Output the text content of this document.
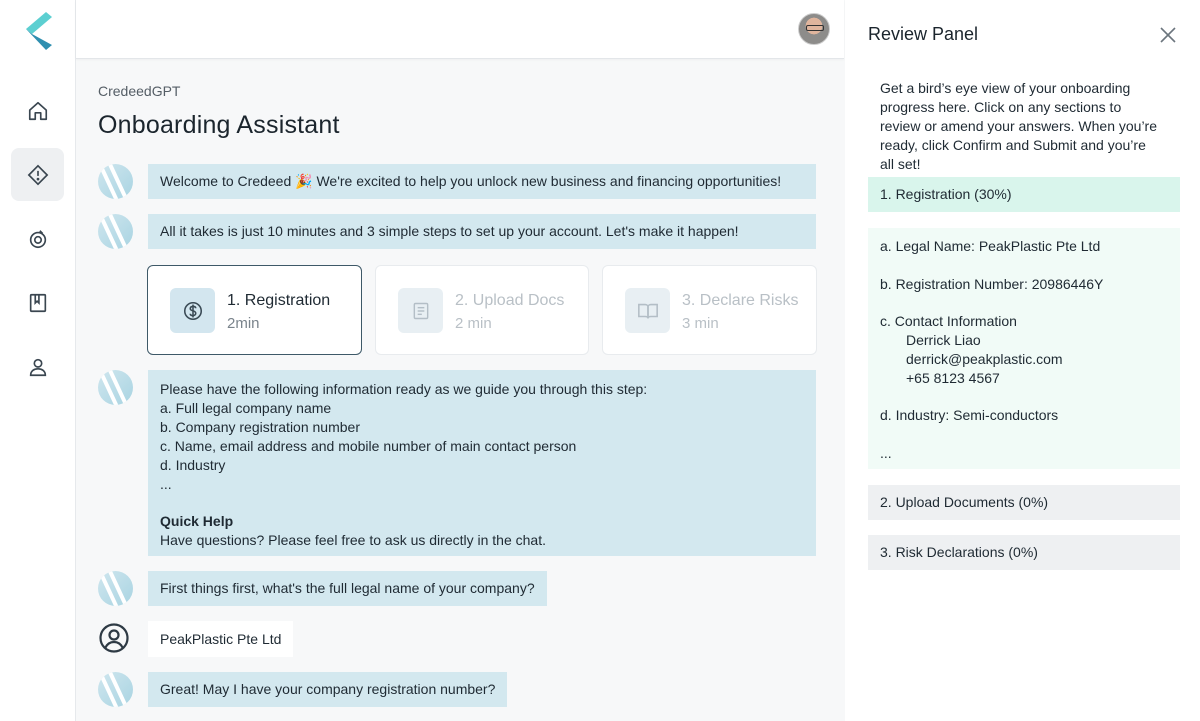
CredeedGPT
Onboarding Assistant
Welcome to Credeed 🎉 We're excited to help you unlock new business and financing opportunities!
All it takes is just 10 minutes and 3 simple steps to set up your account. Let's make it happen!
1. Registration
2min
2. Upload Docs
2 min
3. Declare Risks
3 min
Please have the following information ready as we guide you through this step:
a. Full legal company name
b. Company registration number
c. Name, email address and mobile number of main contact person
d. Industry
...
Quick Help
Have questions? Please feel free to ask us directly in the chat.
First things first, what's the full legal name of your company?
PeakPlastic Pte Ltd
Great! May I have your company registration number?
Review Panel
Get a bird’s eye view of your onboarding progress here. Click on any sections to review or amend your answers. When you’re ready, click Confirm and Submit and you’re all set!
1. Registration (30%)
a. Legal Name: PeakPlastic Pte Ltd
b. Registration Number: 20986446Y
c. Contact Information
Derrick Liao
derrick@peakplastic.com
+65 8123 4567
d. Industry: Semi-conductors
...
2. Upload Documents (0%)
3. Risk Declarations (0%)
